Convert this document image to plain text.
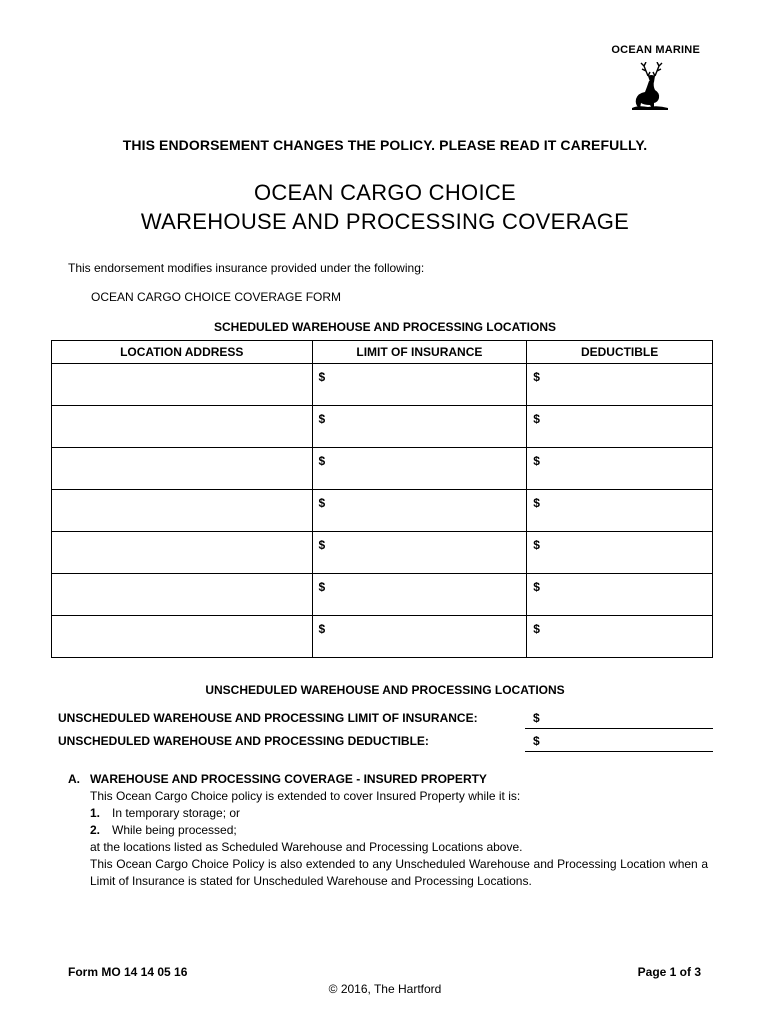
OCEAN MARINE
THIS ENDORSEMENT CHANGES THE POLICY. PLEASE READ IT CAREFULLY.
OCEAN CARGO CHOICE
WAREHOUSE AND PROCESSING COVERAGE
This endorsement modifies insurance provided under the following:
OCEAN CARGO CHOICE COVERAGE FORM
SCHEDULED WAREHOUSE AND PROCESSING LOCATIONS
LOCATION ADDRESS	LIMIT OF INSURANCE	DEDUCTIBLE

	$	$

	$	$

	$	$

	$	$

	$	$

	$	$

	$	$
UNSCHEDULED WAREHOUSE AND PROCESSING LOCATIONS
UNSCHEDULED WAREHOUSE AND PROCESSING LIMIT OF INSURANCE:	$
UNSCHEDULED WAREHOUSE AND PROCESSING DEDUCTIBLE:	$
A. WAREHOUSE AND PROCESSING COVERAGE - INSURED PROPERTY
This Ocean Cargo Choice policy is extended to cover Insured Property while it is:
1. In temporary storage; or
2. While being processed;
at the locations listed as Scheduled Warehouse and Processing Locations above.
This Ocean Cargo Choice Policy is also extended to any Unscheduled Warehouse and Processing Location when a Limit of Insurance is stated for Unscheduled Warehouse and Processing Locations.
Form MO 14 14 05 16	Page 1 of 3
© 2016, The Hartford
